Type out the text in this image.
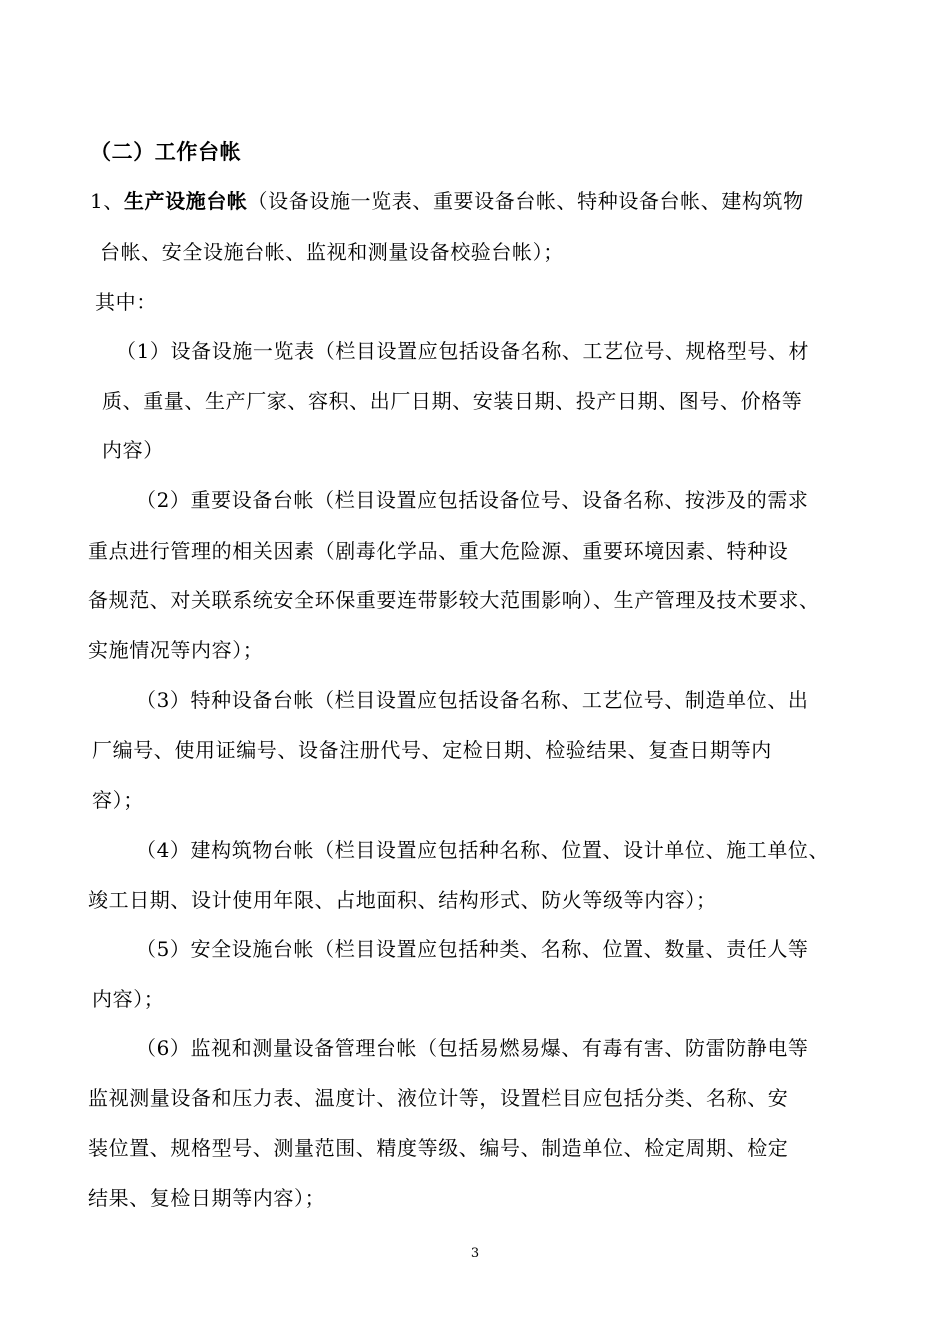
（二）工作台帐
1、生产设施台帐（设备设施一览表、重要设备台帐、特种设备台帐、建构筑物
台帐、安全设施台帐、监视和测量设备校验台帐）；
其中：
（1）设备设施一览表（栏目设置应包括设备名称、工艺位号、规格型号、材
质、重量、生产厂家、容积、出厂日期、安装日期、投产日期、图号、价格等
内容）
（2）重要设备台帐（栏目设置应包括设备位号、设备名称、按涉及的需求
重点进行管理的相关因素（剧毒化学品、重大危险源、重要环境因素、特种设
备规范、对关联系统安全环保重要连带影较大范围影响）、生产管理及技术要求、
实施情况等内容）；
（3）特种设备台帐（栏目设置应包括设备名称、工艺位号、制造单位、出
厂编号、使用证编号、设备注册代号、定检日期、检验结果、复查日期等内
容）；
（4）建构筑物台帐（栏目设置应包括种名称、位置、设计单位、施工单位、
竣工日期、设计使用年限、占地面积、结构形式、防火等级等内容）；
（5）安全设施台帐（栏目设置应包括种类、名称、位置、数量、责任人等
内容）；
（6）监视和测量设备管理台帐（包括易燃易爆、有毒有害、防雷防静电等
监视测量设备和压力表、温度计、液位计等，设置栏目应包括分类、名称、安
装位置、规格型号、测量范围、精度等级、编号、制造单位、检定周期、检定
结果、复检日期等内容）；
3
